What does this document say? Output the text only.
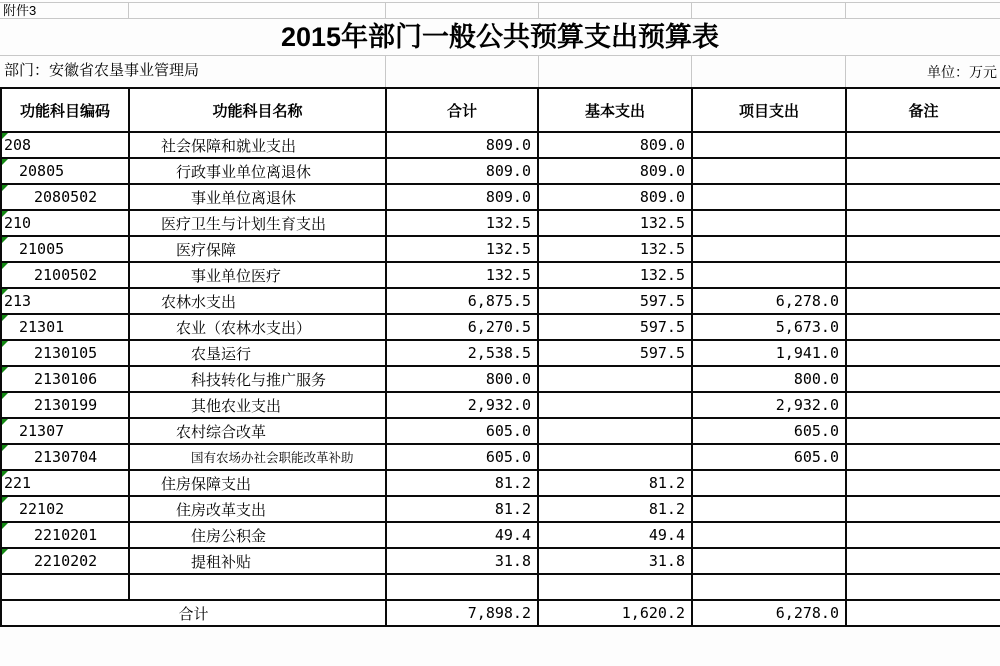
附件3
2015年部门一般公共预算支出预算表
部门：安徽省农垦事业管理局	单位：万元
功能科目编码	功能科目名称	合计	基本支出	项目支出	备注

208	社会保障和就业支出	809.0	809.0		

20805	行政事业单位离退休	809.0	809.0		

2080502	事业单位离退休	809.0	809.0		

210	医疗卫生与计划生育支出	132.5	132.5		

21005	医疗保障	132.5	132.5		

2100502	事业单位医疗	132.5	132.5		

213	农林水支出	6,875.5	597.5	6,278.0	

21301	农业（农林水支出）	6,270.5	597.5	5,673.0	

2130105	农垦运行	2,538.5	597.5	1,941.0	

2130106	科技转化与推广服务	800.0		800.0	

2130199	其他农业支出	2,932.0		2,932.0	

21307	农村综合改革	605.0		605.0	

2130704	国有农场办社会职能改革补助	605.0		605.0	

221	住房保障支出	81.2	81.2		

22102	住房改革支出	81.2	81.2		

2210201	住房公积金	49.4	49.4		

2210202	提租补贴	31.8	31.8		

合计		7,898.2	1,620.2	6,278.0	
